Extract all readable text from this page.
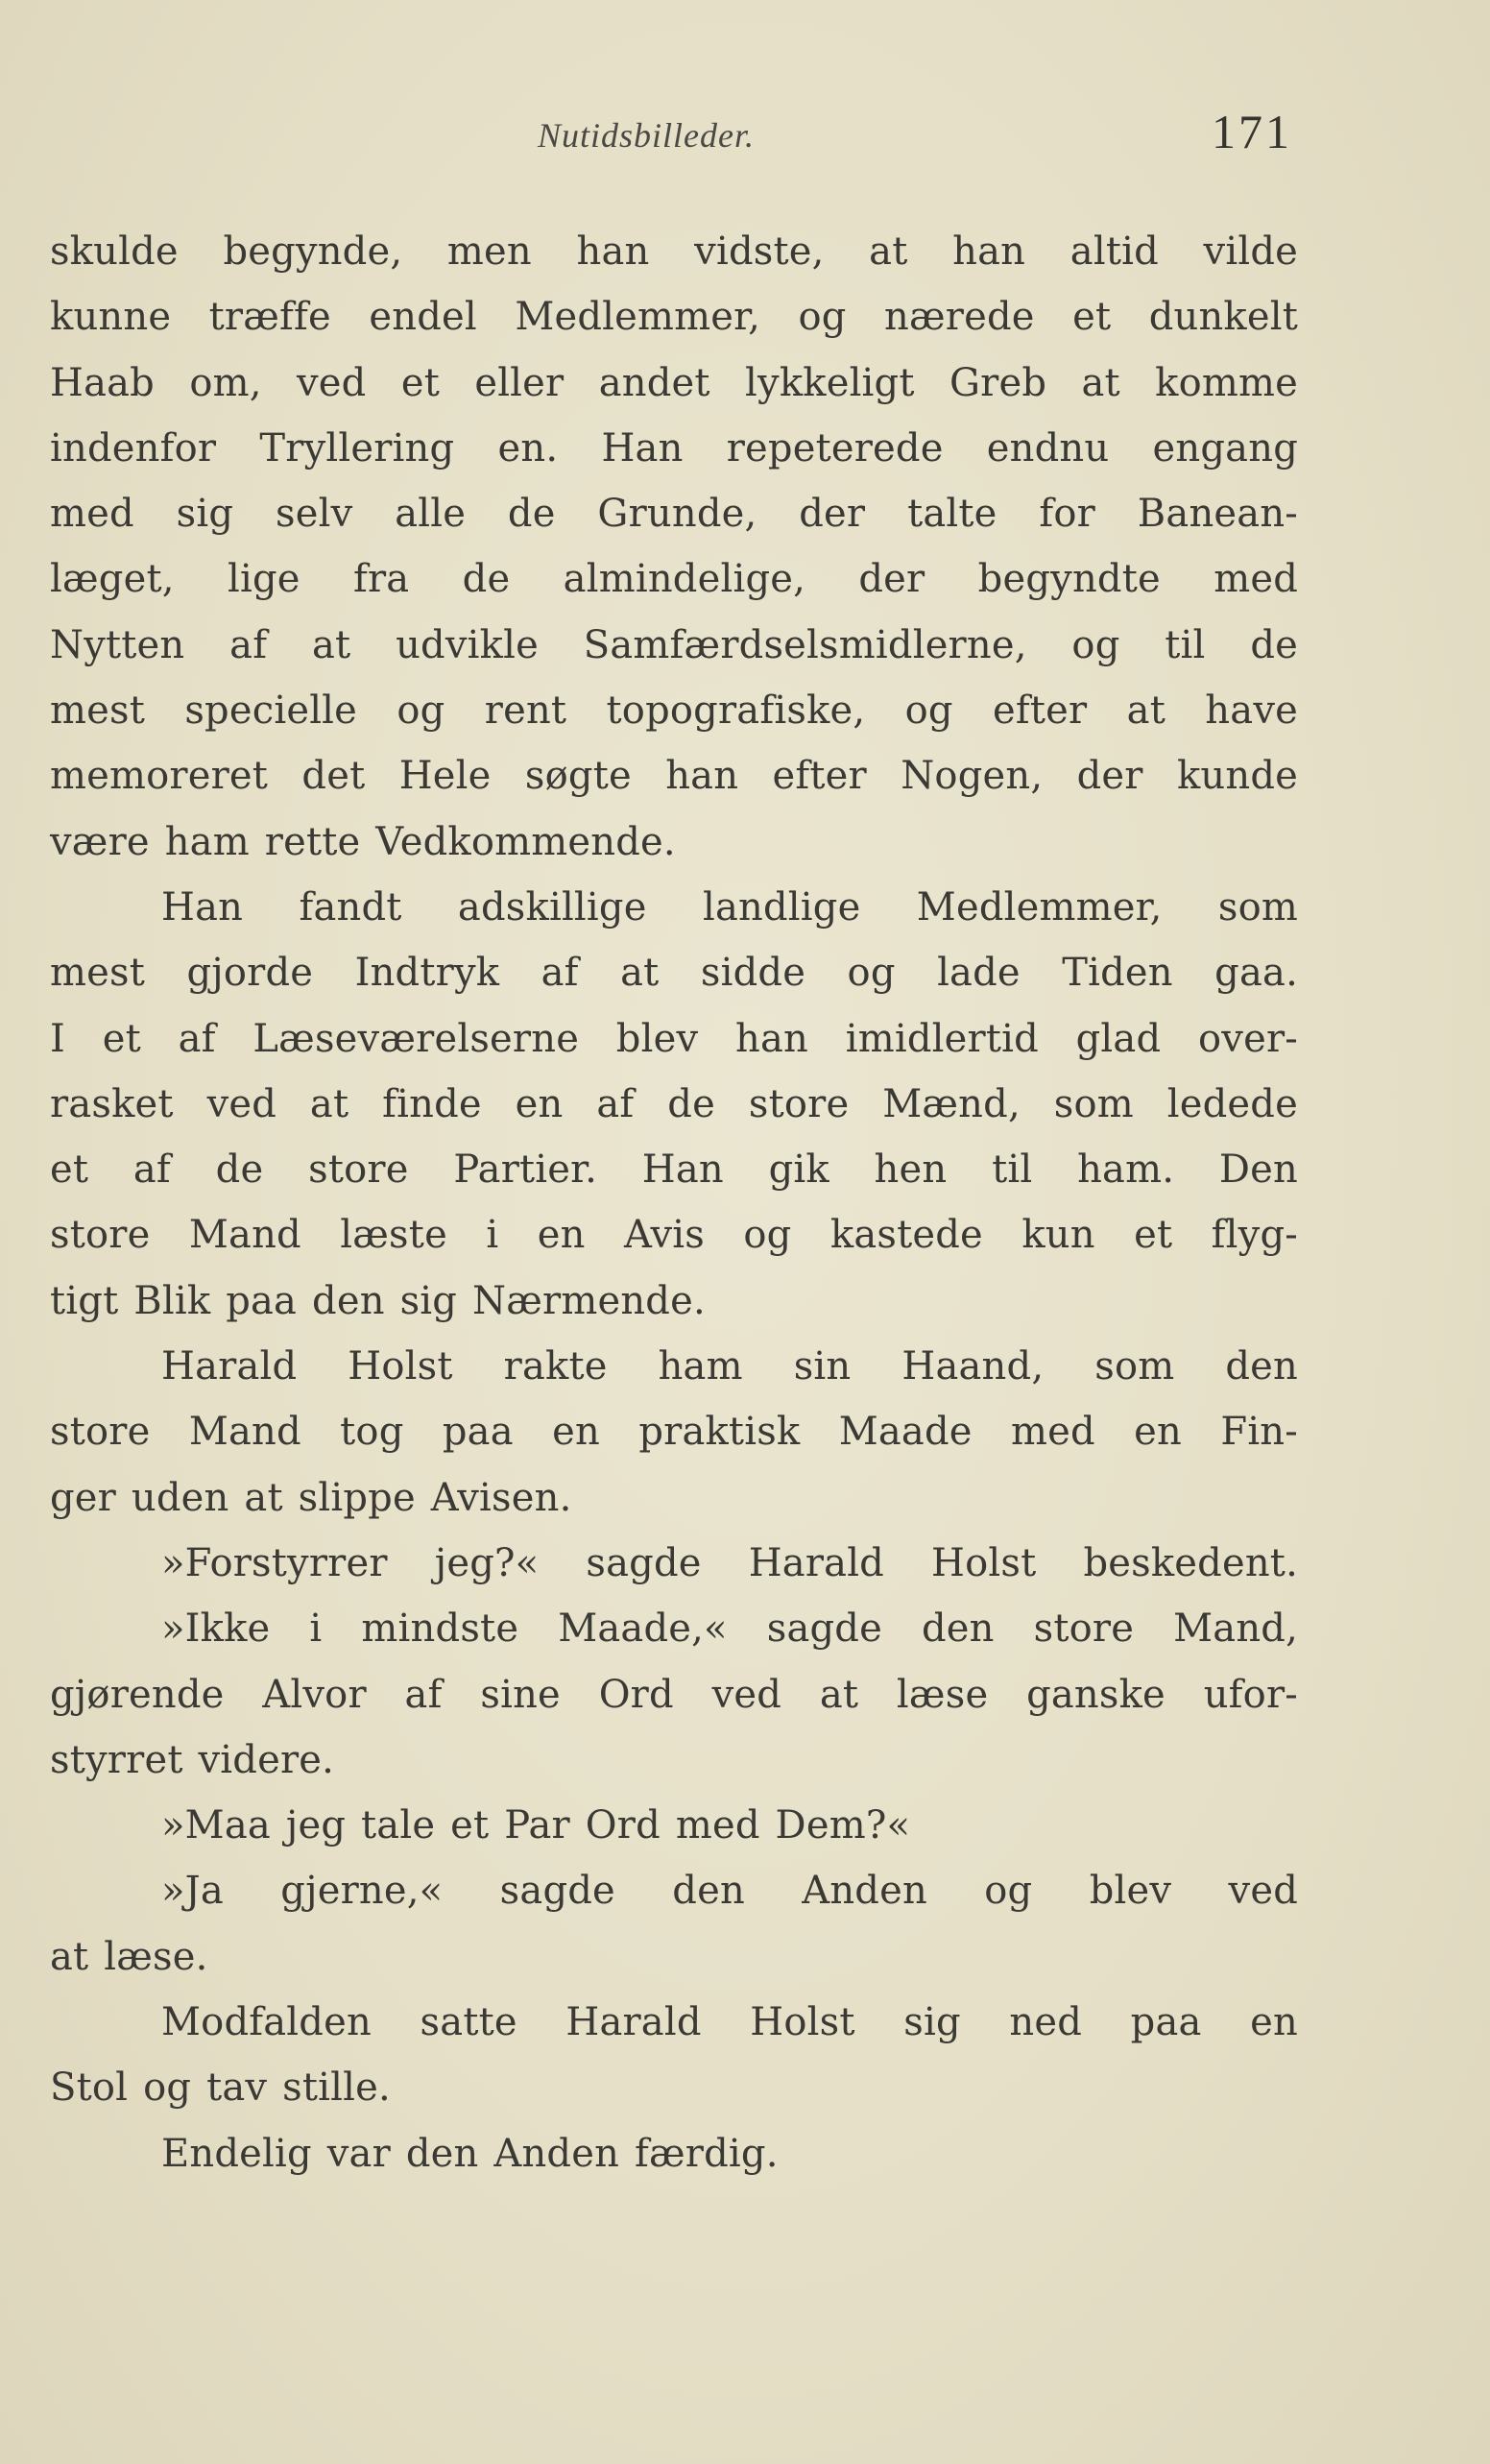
Nutidsbilleder.	171
skulde begynde, men han vidste, at han altid vilde
kunne træffe endel Medlemmer, og nærede et dunkelt
Haab om, ved et eller andet lykkeligt Greb at komme
indenfor Tryllering en. Han repeterede endnu engang
med sig selv alle de Grunde, der talte for Banean-
læget, lige fra de almindelige, der begyndte med
Nytten af at udvikle Samfærdselsmidlerne, og til de
mest specielle og rent topografiske, og efter at have
memoreret det Hele søgte han efter Nogen, der kunde
være ham rette Vedkommende.
Han fandt adskillige landlige Medlemmer, som
mest gjorde Indtryk af at sidde og lade Tiden gaa.
I et af Læseværelserne blev han imidlertid glad over-
rasket ved at finde en af de store Mænd, som ledede
et af de store Partier. Han gik hen til ham. Den
store Mand læste i en Avis og kastede kun et flyg-
tigt Blik paa den sig Nærmende.
Harald Holst rakte ham sin Haand, som den
store Mand tog paa en praktisk Maade med en Fin-
ger uden at slippe Avisen.
»Forstyrrer jeg?« sagde Harald Holst beskedent.
»Ikke i mindste Maade,« sagde den store Mand,
gjørende Alvor af sine Ord ved at læse ganske ufor-
styrret videre.
»Maa jeg tale et Par Ord med Dem?«
»Ja gjerne,« sagde den Anden og blev ved
at læse.
Modfalden satte Harald Holst sig ned paa en
Stol og tav stille.
Endelig var den Anden færdig.
